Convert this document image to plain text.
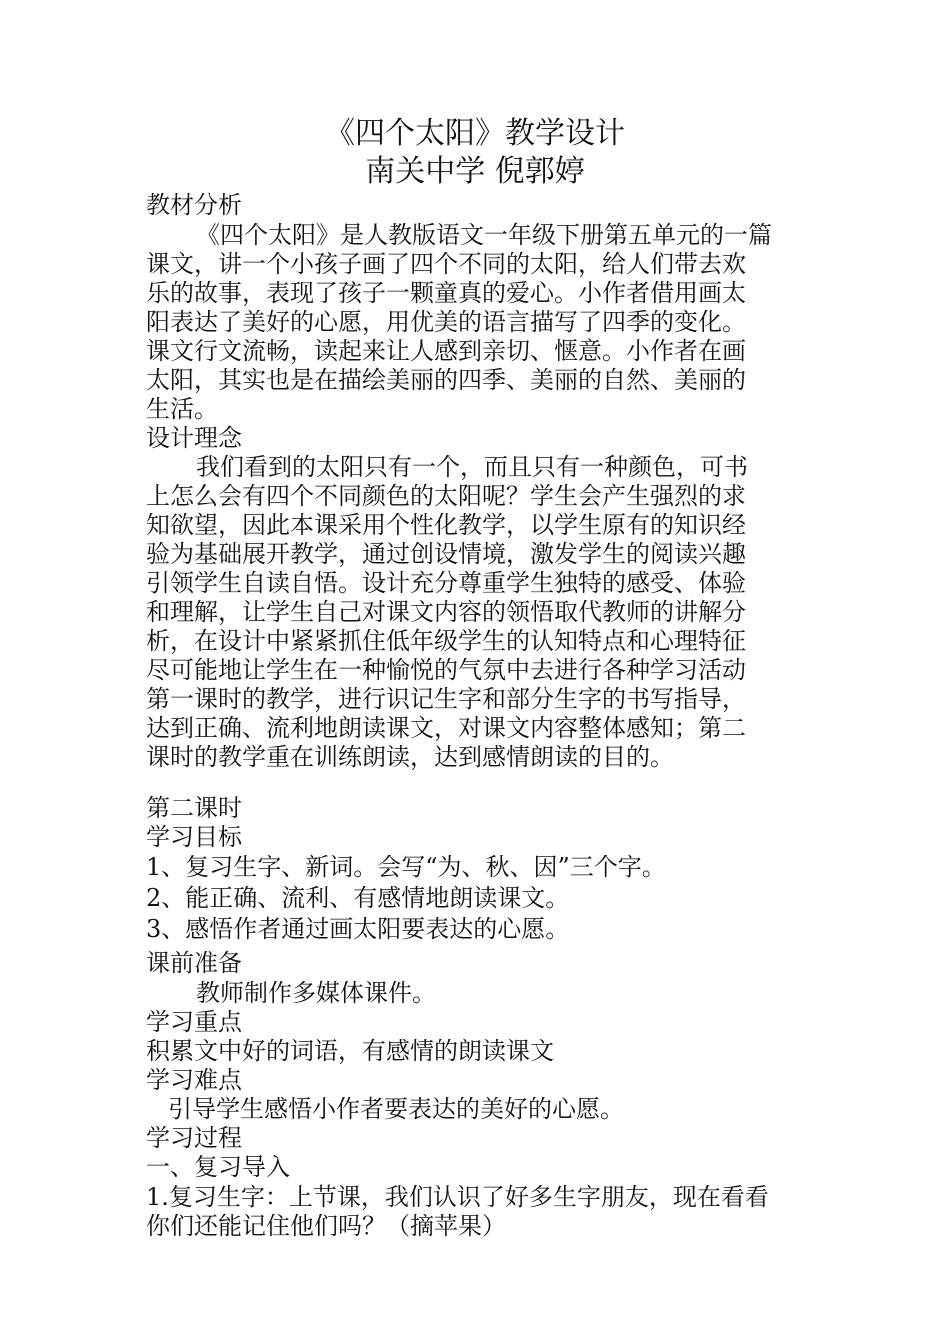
《四个太阳》教学设计
南关中学 倪郭婷
教材分析
《四个太阳》是人教版语文一年级下册第五单元的一篇
课文，讲一个小孩子画了四个不同的太阳，给人们带去欢
乐的故事，表现了孩子一颗童真的爱心。小作者借用画太
阳表达了美好的心愿，用优美的语言描写了四季的变化。
课文行文流畅，读起来让人感到亲切、惬意。小作者在画
太阳，其实也是在描绘美丽的四季、美丽的自然、美丽的
生活。
设计理念
我们看到的太阳只有一个，而且只有一种颜色，可书
上怎么会有四个不同颜色的太阳呢？学生会产生强烈的求
知欲望，因此本课采用个性化教学，以学生原有的知识经
验为基础展开教学，通过创设情境，激发学生的阅读兴趣
引领学生自读自悟。设计充分尊重学生独特的感受、体验
和理解，让学生自己对课文内容的领悟取代教师的讲解分
析，在设计中紧紧抓住低年级学生的认知特点和心理特征
尽可能地让学生在一种愉悦的气氛中去进行各种学习活动
第一课时的教学，进行识记生字和部分生字的书写指导，
达到正确、流利地朗读课文，对课文内容整体感知；第二
课时的教学重在训练朗读，达到感情朗读的目的。
第二课时
学习目标
1、复习生字、新词。会写“为、秋、因”三个字。
2、能正确、流利、有感情地朗读课文。
3、感悟作者通过画太阳要表达的心愿。
课前准备
教师制作多媒体课件。
学习重点
积累文中好的词语，有感情的朗读课文
学习难点
引导学生感悟小作者要表达的美好的心愿。
学习过程
一、复习导入
1.复习生字：上节课，我们认识了好多生字朋友，现在看看
你们还能记住他们吗？（摘苹果）
